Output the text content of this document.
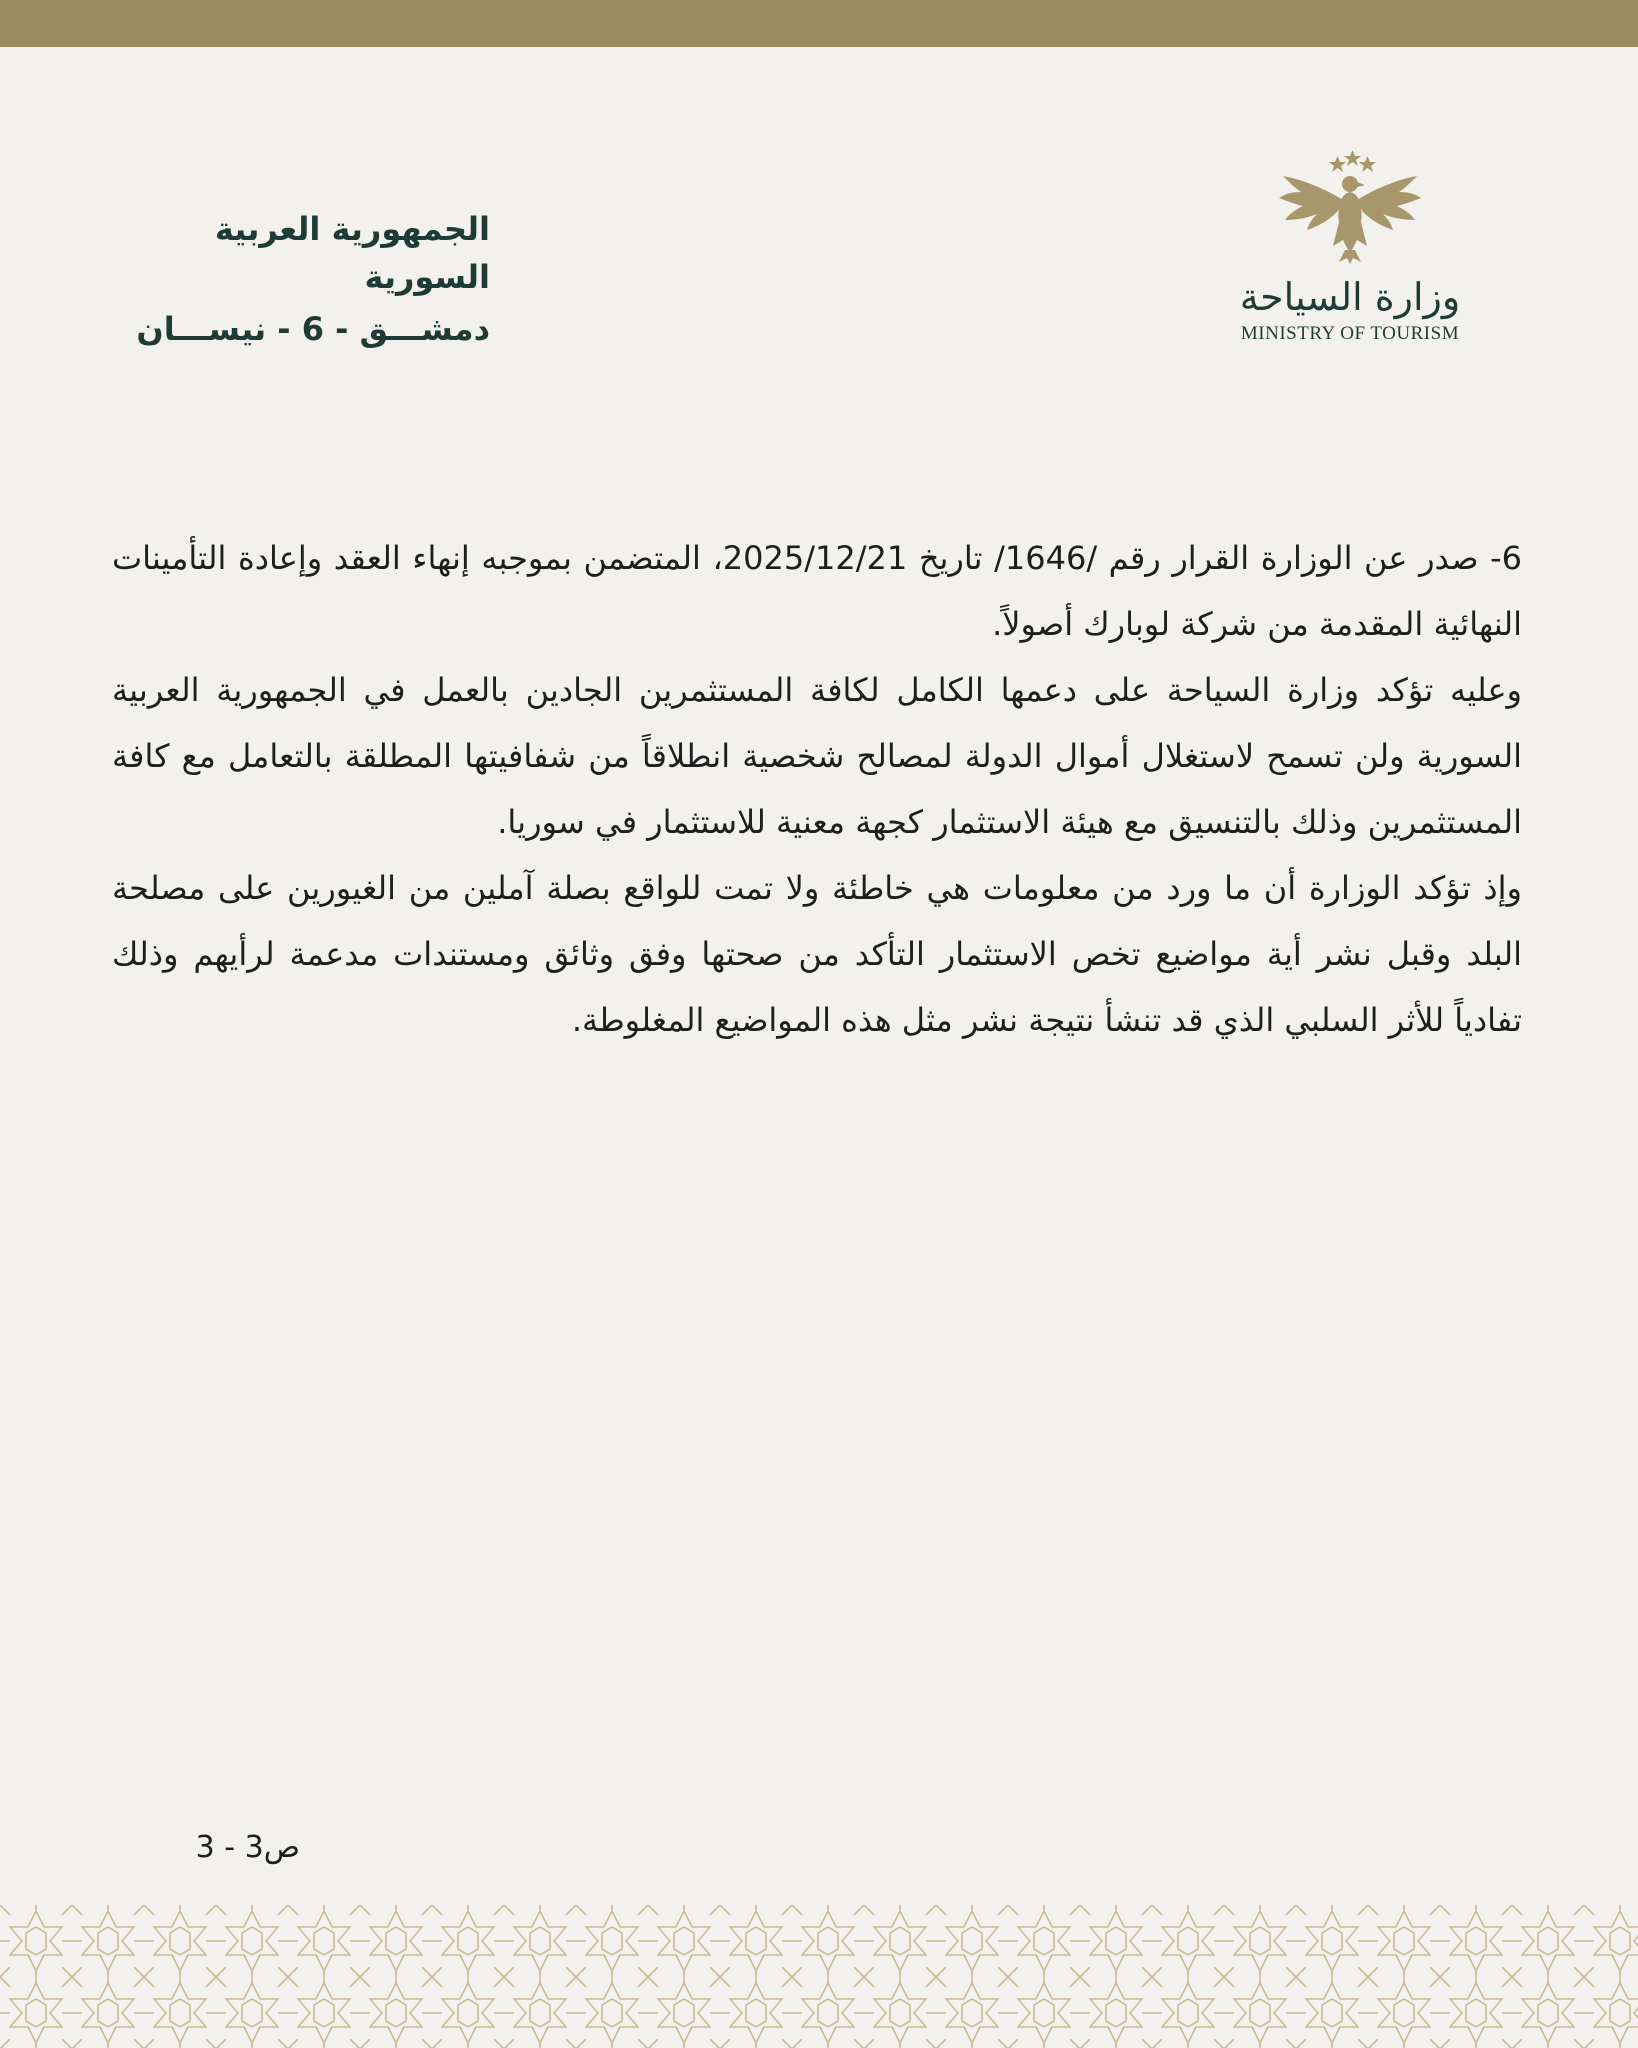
وزارة السياحة
MINISTRY OF TOURISM
الجمهورية العربية السورية
دمشـــق - 6 - نيســـان

6- صدر عن الوزارة القرار رقم /1646/ تاريخ 2025/12/21، المتضمن بموجبه إنهاء العقد وإعادة التأمينات النهائية المقدمة من شركة لوبارك أصولاً.

وعليه تؤكد وزارة السياحة على دعمها الكامل لكافة المستثمرين الجادين بالعمل في الجمهورية العربية السورية ولن تسمح لاستغلال أموال الدولة لمصالح شخصية انطلاقاً من شفافيتها المطلقة بالتعامل مع كافة المستثمرين وذلك بالتنسيق مع هيئة الاستثمار كجهة معنية للاستثمار في سوريا.

وإذ تؤكد الوزارة أن ما ورد من معلومات هي خاطئة ولا تمت للواقع بصلة آملين من الغيورين على مصلحة البلد وقبل نشر أية مواضيع تخص الاستثمار التأكد من صحتها وفق وثائق ومستندات مدعمة لرأيهم وذلك تفادياً للأثر السلبي الذي قد تنشأ نتيجة نشر مثل هذه المواضيع المغلوطة.

ص3 - 3
